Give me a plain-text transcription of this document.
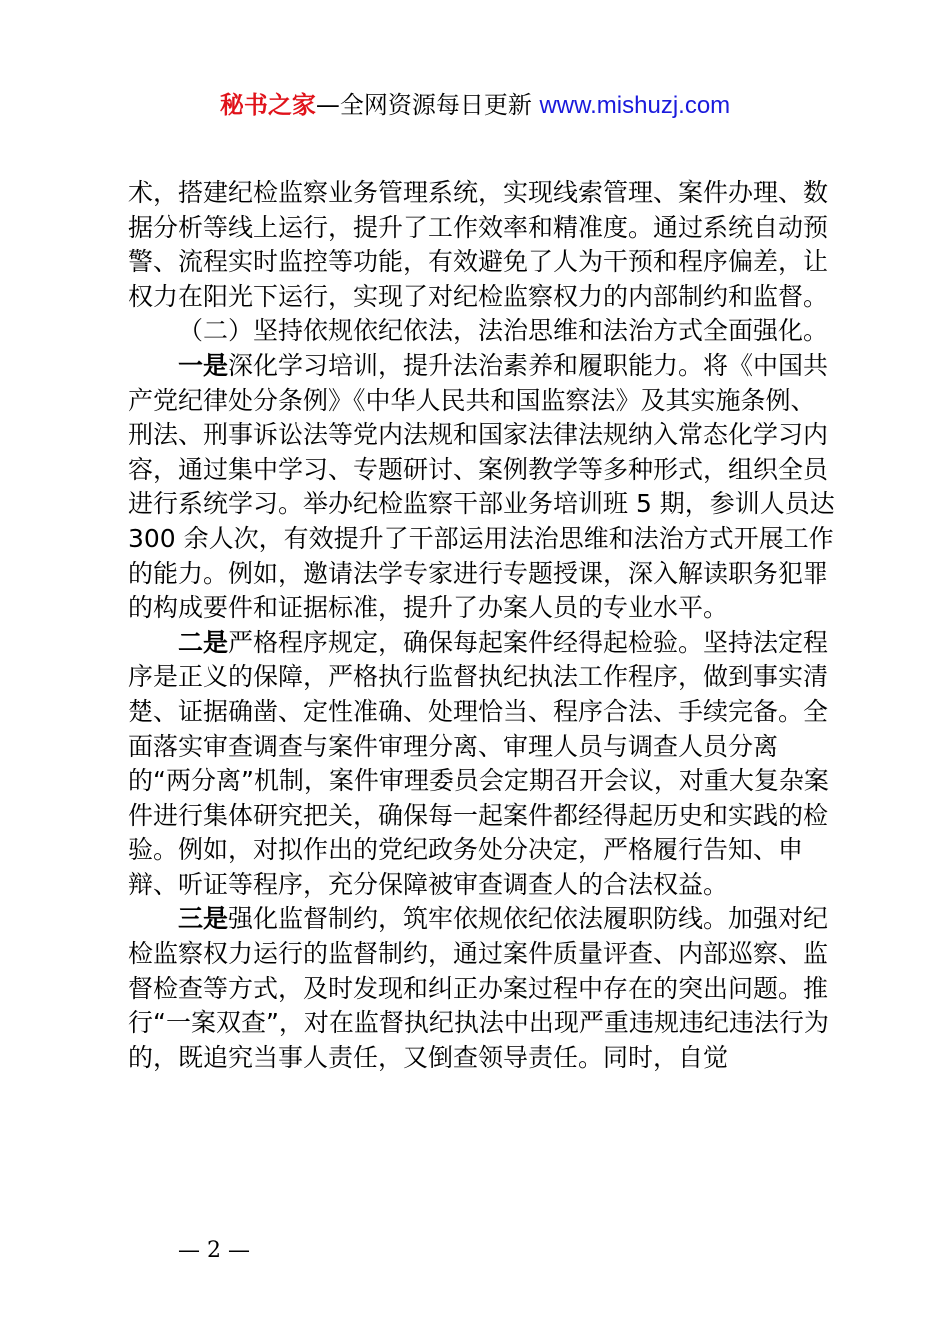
秘书之家—全网资源每日更新 www.mishuzj.com

术，搭建纪检监察业务管理系统，实现线索管理、案件办理、数据分析等线上运行，提升了工作效率和精准度。通过系统自动预警、流程实时监控等功能，有效避免了人为干预和程序偏差，让权力在阳光下运行，实现了对纪检监察权力的内部制约和监督。

（二）坚持依规依纪依法，法治思维和法治方式全面强化。

一是深化学习培训，提升法治素养和履职能力。将《中国共产党纪律处分条例》《中华人民共和国监察法》及其实施条例、刑法、刑事诉讼法等党内法规和国家法律法规纳入常态化学习内容，通过集中学习、专题研讨、案例教学等多种形式，组织全员进行系统学习。举办纪检监察干部业务培训班 5 期，参训人员达 300 余人次，有效提升了干部运用法治思维和法治方式开展工作的能力。例如，邀请法学专家进行专题授课，深入解读职务犯罪的构成要件和证据标准，提升了办案人员的专业水平。

二是严格程序规定，确保每起案件经得起检验。坚持法定程序是正义的保障，严格执行监督执纪执法工作程序，做到事实清楚、证据确凿、定性准确、处理恰当、程序合法、手续完备。全面落实审查调查与案件审理分离、审理人员与调查人员分离的“两分离”机制，案件审理委员会定期召开会议，对重大复杂案件进行集体研究把关，确保每一起案件都经得起历史和实践的检验。例如，对拟作出的党纪政务处分决定，严格履行告知、申辩、听证等程序，充分保障被审查调查人的合法权益。

三是强化监督制约，筑牢依规依纪依法履职防线。加强对纪检监察权力运行的监督制约，通过案件质量评查、内部巡察、监督检查等方式，及时发现和纠正办案过程中存在的突出问题。推行“一案双查”，对在监督执纪执法中出现严重违规违纪违法行为的，既追究当事人责任，又倒查领导责任。同时，自觉

— 2 —
